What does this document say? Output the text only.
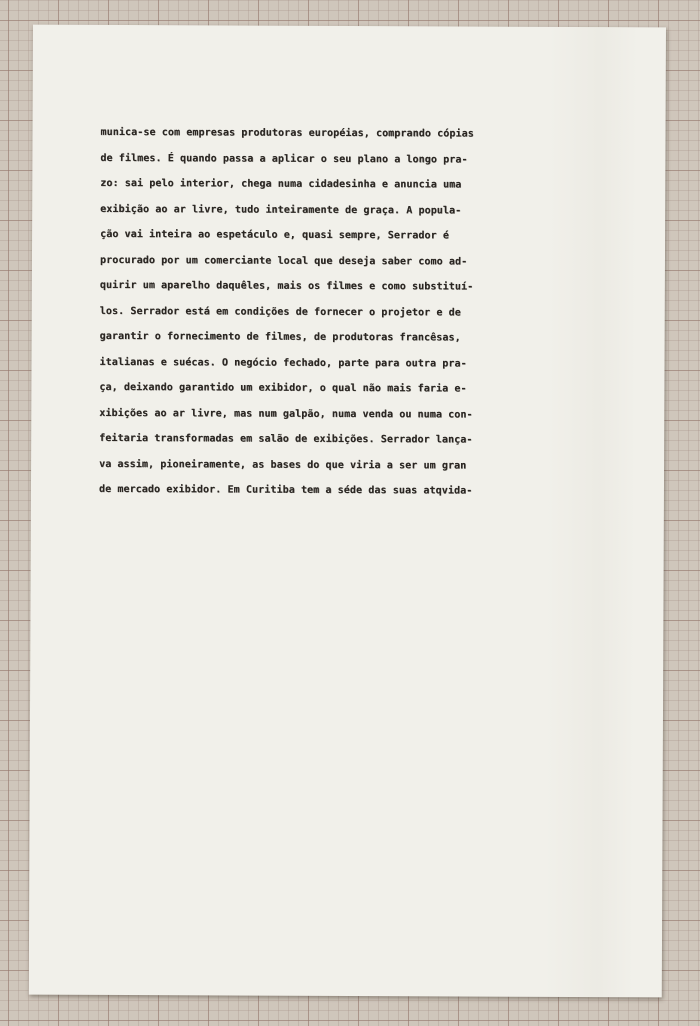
munica-se com empresas produtoras européias, comprando cópias
de filmes. É quando passa a aplicar o seu plano a longo pra-
zo: sai pelo interior, chega numa cidadesinha e anuncia uma
exibição ao ar livre, tudo inteiramente de graça. A popula-
ção vai inteira ao espetáculo e, quasi sempre, Serrador é
procurado por um comerciante local que deseja saber como ad-
quirir um aparelho daquêles, mais os filmes e como substituí-
los. Serrador está em condições de fornecer o projetor e de
garantir o fornecimento de filmes, de produtoras francêsas,
italianas e suécas. O negócio fechado, parte para outra pra-
ça, deixando garantido um exibidor, o qual não mais faria e-
xibições ao ar livre, mas num galpão, numa venda ou numa con-
feitaria transformadas em salão de exibições. Serrador lança-
va assim, pioneiramente, as bases do que viria a ser um gran
de mercado exibidor. Em Curitiba tem a séde das suas atqvida-
